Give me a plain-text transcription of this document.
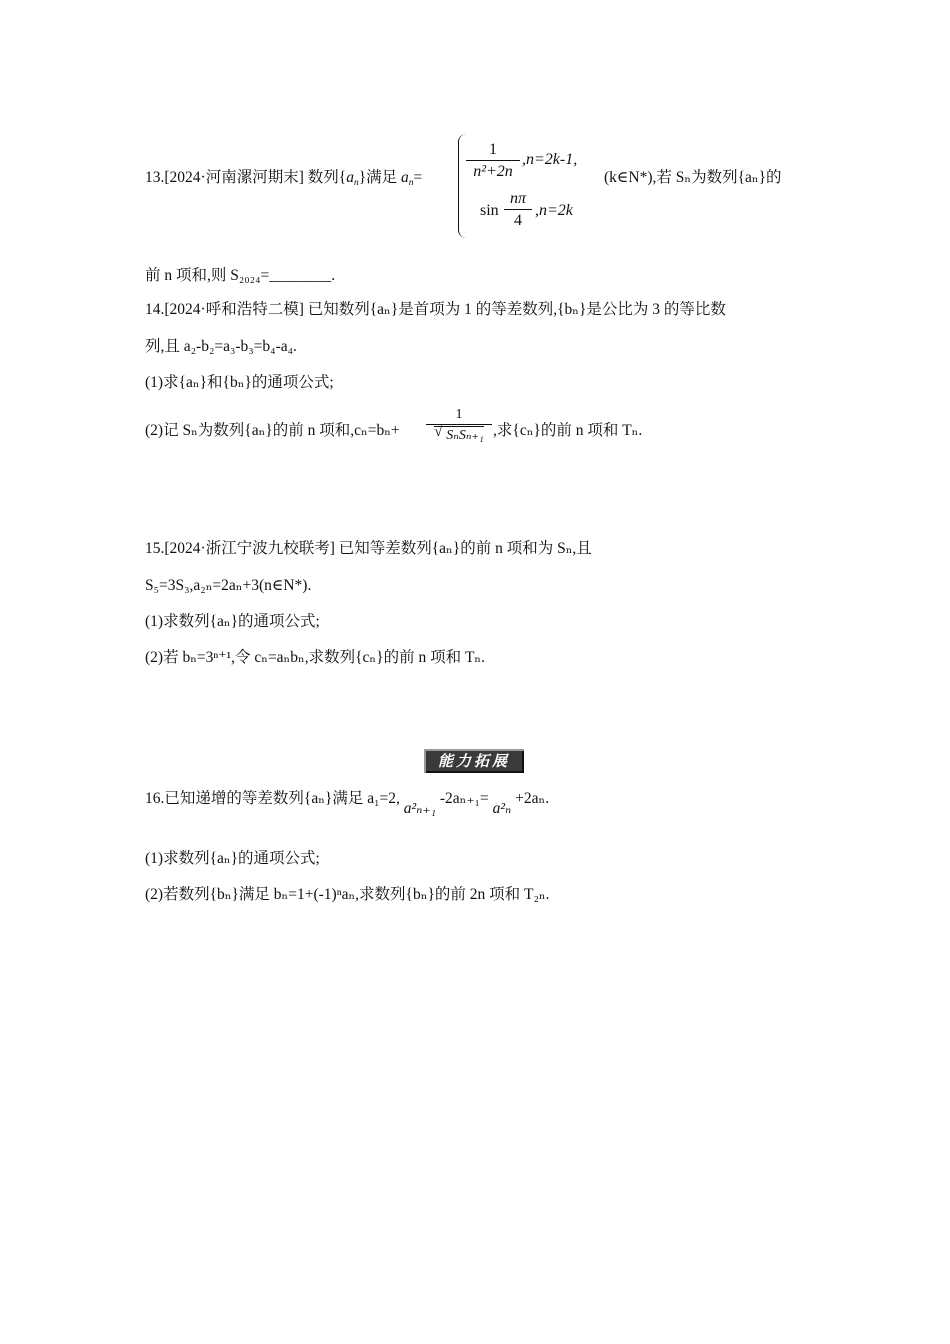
13.[2024·河南漯河期末] 数列$\{a_n\}$满足 $a_n=$	$\frac{1}{\text{n²+2n}} ,n=2k-1$,
$\sin \frac{n\pi}{4} ,n=2k$
(k∈N*),若 Sₙ为数列{aₙ}的
前 n 项和,则 S₂₀₂₄=________.
14.[2024·呼和浩特二模] 已知数列{aₙ}是首项为 1 的等差数列,{bₙ}是公比为 3 的等比数
列,且 a₂-b₂=a₃-b₃=b₄-a₄.
(1)求{aₙ}和{bₙ}的通项公式;
(2)记 Sₙ为数列{aₙ}的前 n 项和,cₙ=bₙ+
1
√ SₙSₙ₊₁ ,求{cₙ}的前 n 项和 Tₙ.
15.[2024·浙江宁波九校联考] 已知等差数列{aₙ}的前 n 项和为 Sₙ,且
S₅=3S₃,a₂ₙ=2aₙ+3(n∈N*).
(1)求数列{aₙ}的通项公式;
(2)若 bₙ=3ⁿ⁺¹,令 cₙ=aₙbₙ,求数列{cₙ}的前 n 项和 Tₙ.
能力拓展
16.已知递增的等差数列{aₙ}满足 a₁=2, a²ₙ₊₁ -2aₙ₊₁= a²ₙ +2aₙ.
(1)求数列{aₙ}的通项公式;
(2)若数列{bₙ}满足 bₙ=1+(-1)ⁿaₙ,求数列{bₙ}的前 2n 项和 T₂ₙ.
